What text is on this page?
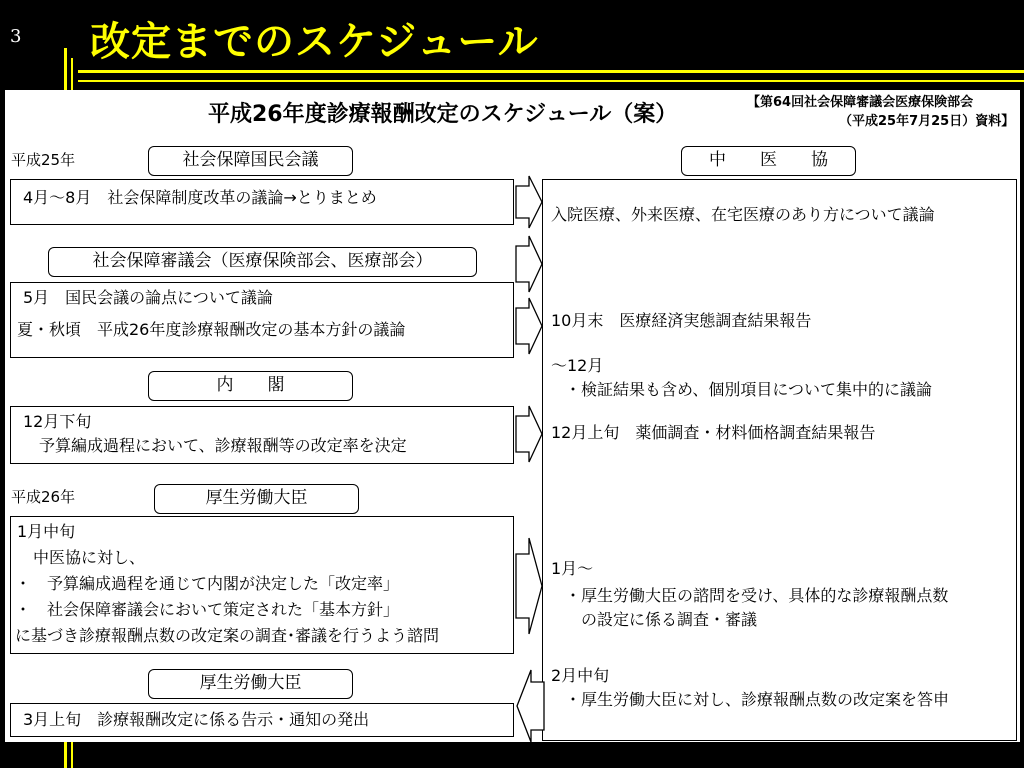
3 改定までのスケジュール
平成26年度診療報酬改定のスケジュール（案）	【第64回社会保障審議会医療保険部会
（平成25年7月25日）資料】
平成25年
平成26年
社会保障国民会議
4月～8月　社会保障制度改革の議論→とりまとめ
社会保障審議会（医療保険部会、医療部会）
5月　国民会議の論点について議論
夏・秋頃　平成26年度診療報酬改定の基本方針の議論
内　　閣
12月下旬
　予算編成過程において、診療報酬等の改定率を決定
厚生労働大臣
1月中旬
　中医協に対し、
・　予算編成過程を通じて内閣が決定した「改定率」
・　社会保障審議会において策定された「基本方針」
に基づき診療報酬点数の改定案の調査･審議を行うよう諮問
厚生労働大臣
3月上旬　診療報酬改定に係る告示・通知の発出
中　　医　　協
入院医療、外来医療、在宅医療のあり方について議論
10月末　医療経済実態調査結果報告
～12月
・検証結果も含め、個別項目について集中的に議論
12月上旬　薬価調査・材料価格調査結果報告
1月～
・厚生労働大臣の諮問を受け、具体的な診療報酬点数
　の設定に係る調査・審議
2月中旬
・厚生労働大臣に対し、診療報酬点数の改定案を答申
